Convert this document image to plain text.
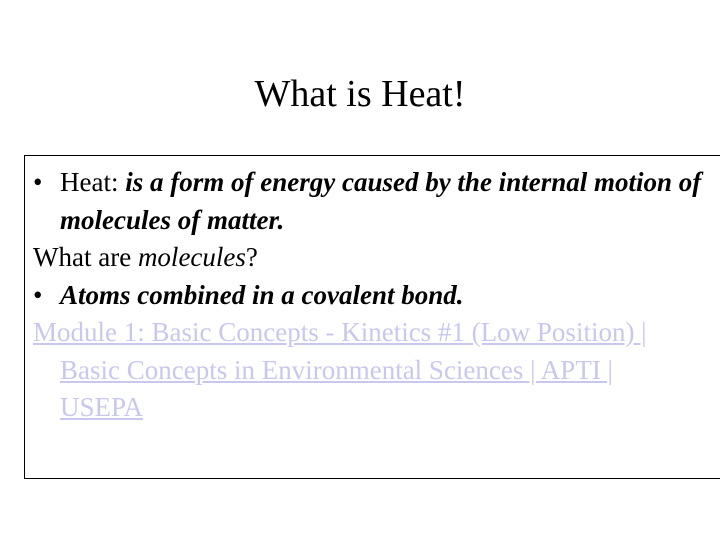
What is Heat!

• Heat: is a form of energy caused by the internal motion of molecules of matter.

What are molecules?

• Atoms combined in a covalent bond.

Module 1: Basic Concepts - Kinetics #1 (Low Position) | Basic Concepts in Environmental Sciences | APTI | USEPA
